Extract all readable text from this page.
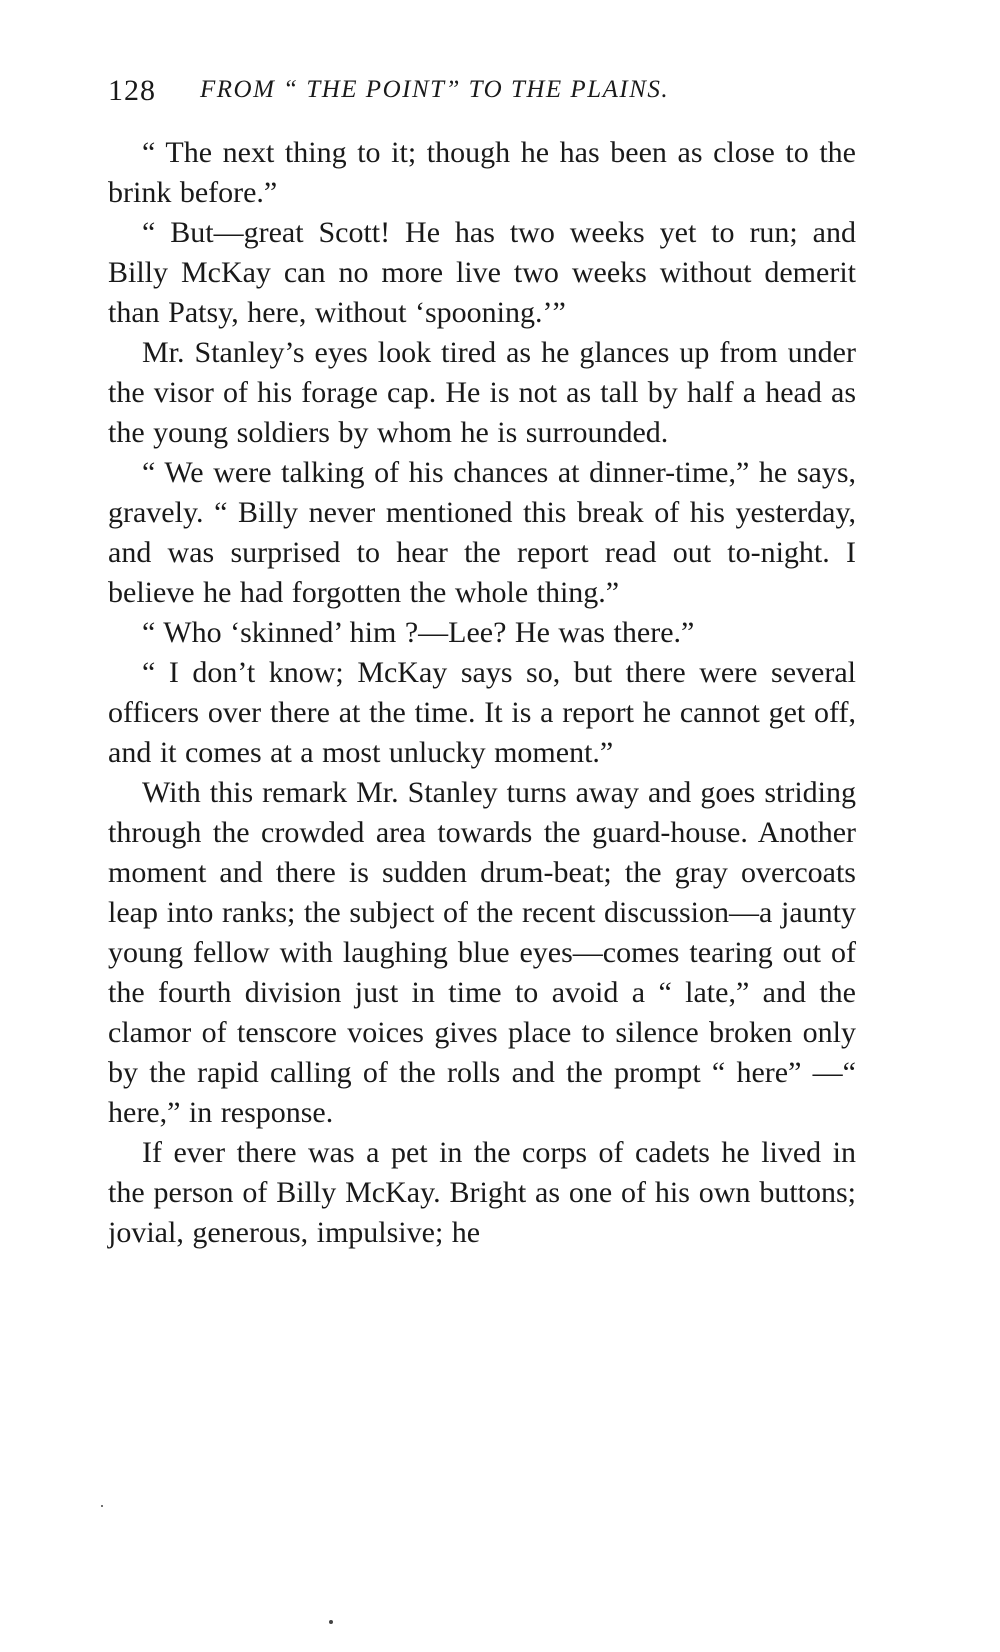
128 FROM “ THE POINT” TO THE PLAINS.

“ The next thing to it; though he has been as close to the brink before.”

“ But—great Scott! He has two weeks yet to run; and Billy McKay can no more live two weeks without demerit than Patsy, here, without ‘spooning.’”

Mr. Stanley’s eyes look tired as he glances up from under the visor of his forage cap. He is not as tall by half a head as the young soldiers by whom he is surrounded.

“ We were talking of his chances at dinner-time,” he says, gravely. “ Billy never mentioned this break of his yesterday, and was surprised to hear the report read out to-night. I believe he had forgotten the whole thing.”

“ Who ‘skinned’ him ?—Lee? He was there.”

“ I don’t know; McKay says so, but there were several officers over there at the time. It is a report he cannot get off, and it comes at a most unlucky moment.”

With this remark Mr. Stanley turns away and goes striding through the crowded area towards the guard-house. Another moment and there is sudden drum-beat; the gray overcoats leap into ranks; the subject of the recent discussion—a jaunty young fellow with laughing blue eyes—comes tearing out of the fourth division just in time to avoid a “ late,” and the clamor of tenscore voices gives place to silence broken only by the rapid calling of the rolls and the prompt “ here” —“ here,” in response.

If ever there was a pet in the corps of cadets he lived in the person of Billy McKay. Bright as one of his own buttons; jovial, generous, impulsive; he
